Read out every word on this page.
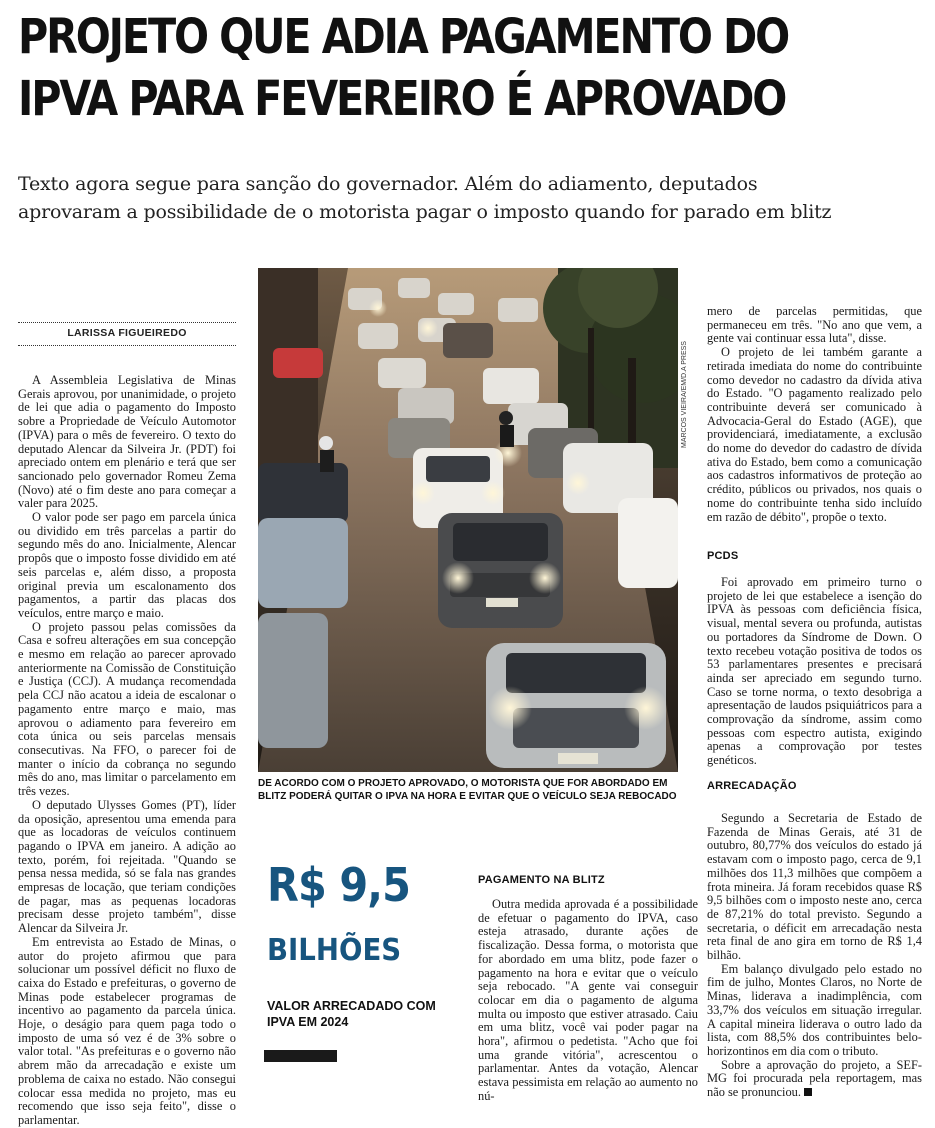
PROJETO QUE ADIA PAGAMENTO DO
IPVA PARA FEVEREIRO É APROVADO
Texto agora segue para sanção do governador. Além do adiamento, deputados
aprovaram a possibilidade de o motorista pagar o imposto quando for parado em blitz
LARISSA FIGUEIREDO

A Assembleia Legislativa de Minas Gerais aprovou, por unanimidade, o projeto de lei que adia o pagamento do Imposto sobre a Propriedade de Veículo Automotor (IPVA) para o mês de fevereiro. O texto do deputado Alencar da Silveira Jr. (PDT) foi apreciado ontem em plenário e terá que ser sancionado pelo governador Romeu Zema (Novo) até o fim deste ano para começar a valer para 2025.

O valor pode ser pago em parcela única ou dividido em três parcelas a partir do segundo mês do ano. Inicialmente, Alencar propôs que o imposto fosse dividido em até seis parcelas e, além disso, a proposta original previa um escalonamento dos pagamentos, a partir das placas dos veículos, entre março e maio.

O projeto passou pelas comissões da Casa e sofreu alterações em sua concepção e mesmo em relação ao parecer aprovado anteriormente na Comissão de Constituição e Justiça (CCJ). A mudança recomendada pela CCJ não acatou a ideia de escalonar o pagamento entre março e maio, mas aprovou o adiamento para fevereiro em cota única ou seis parcelas mensais consecutivas. Na FFO, o parecer foi de manter o início da cobrança no segundo mês do ano, mas limitar o parcelamento em três vezes.

O deputado Ulysses Gomes (PT), líder da oposição, apresentou uma emenda para que as locadoras de veículos continuem pagando o IPVA em janeiro. A adição ao texto, porém, foi rejeitada. "Quando se pensa nessa medida, só se fala nas grandes empresas de locação, que teriam condições de pagar, mas as pequenas locadoras precisam desse projeto também", disse Alencar da Silveira Jr.

Em entrevista ao Estado de Minas, o autor do projeto afirmou que para solucionar um possível déficit no fluxo de caixa do Estado e prefeituras, o governo de Minas pode estabelecer programas de incentivo ao pagamento da parcela única. Hoje, o deságio para quem paga todo o imposto de uma só vez é de 3% sobre o valor total. "As prefeituras e o governo não abrem mão da arrecadação e existe um problema de caixa no estado. Não consegui colocar essa medida no projeto, mas eu recomendo que isso seja feito", disse o parlamentar.

MARCOS VIEIRA/EM/D.A PRESS
DE ACORDO COM O PROJETO APROVADO, O MOTORISTA QUE FOR ABORDADO EM BLITZ PODERÁ QUITAR O IPVA NA HORA E EVITAR QUE O VEÍCULO SEJA REBOCADO
R$ 9,5
BILHÕES
VALOR ARRECADADO COM IPVA EM 2024
PAGAMENTO NA BLITZ

Outra medida aprovada é a possibilidade de efetuar o pagamento do IPVA, caso esteja atrasado, durante ações de fiscalização. Dessa forma, o motorista que for abordado em uma blitz, pode fazer o pagamento na hora e evitar que o veículo seja rebocado. "A gente vai conseguir colocar em dia o pagamento de alguma multa ou imposto que estiver atrasado. Caiu em uma blitz, você vai poder pagar na hora", afirmou o pedetista. "Acho que foi uma grande vitória", acrescentou o parlamentar. Antes da votação, Alencar estava pessimista em relação ao aumento no nú-

mero de parcelas permitidas, que permaneceu em três. "No ano que vem, a gente vai continuar essa luta", disse.

O projeto de lei também garante a retirada imediata do nome do contribuinte como devedor no cadastro da dívida ativa do Estado. "O pagamento realizado pelo contribuinte deverá ser comunicado à Advocacia-Geral do Estado (AGE), que providenciará, imediatamente, a exclusão do nome do devedor do cadastro de dívida ativa do Estado, bem como a comunicação aos cadastros informativos de proteção ao crédito, públicos ou privados, nos quais o nome do contribuinte tenha sido incluído em razão de débito", propõe o texto.

PCDS

Foi aprovado em primeiro turno o projeto de lei que estabelece a isenção do IPVA às pessoas com deficiência física, visual, mental severa ou profunda, autistas ou portadores da Síndrome de Down. O texto recebeu votação positiva de todos os 53 parlamentares presentes e precisará ainda ser apreciado em segundo turno. Caso se torne norma, o texto desobriga a apresentação de laudos psiquiátricos para a comprovação da síndrome, assim como pessoas com espectro autista, exigindo apenas a comprovação por testes genéticos.

ARRECADAÇÃO

Segundo a Secretaria de Estado de Fazenda de Minas Gerais, até 31 de outubro, 80,77% dos veículos do estado já estavam com o imposto pago, cerca de 9,1 milhões dos 11,3 milhões que compõem a frota mineira. Já foram recebidos quase R$ 9,5 bilhões com o imposto neste ano, cerca de 87,21% do total previsto. Segundo a secretaria, o déficit em arrecadação nesta reta final de ano gira em torno de R$ 1,4 bilhão.

Em balanço divulgado pelo estado no fim de julho, Montes Claros, no Norte de Minas, liderava a inadimplência, com 33,7% dos veículos em situação irregular. A capital mineira liderava o outro lado da lista, com 88,5% dos contribuintes belo-horizontinos em dia com o tributo.

Sobre a aprovação do projeto, a SEF-MG foi procurada pela reportagem, mas não se pronunciou.
